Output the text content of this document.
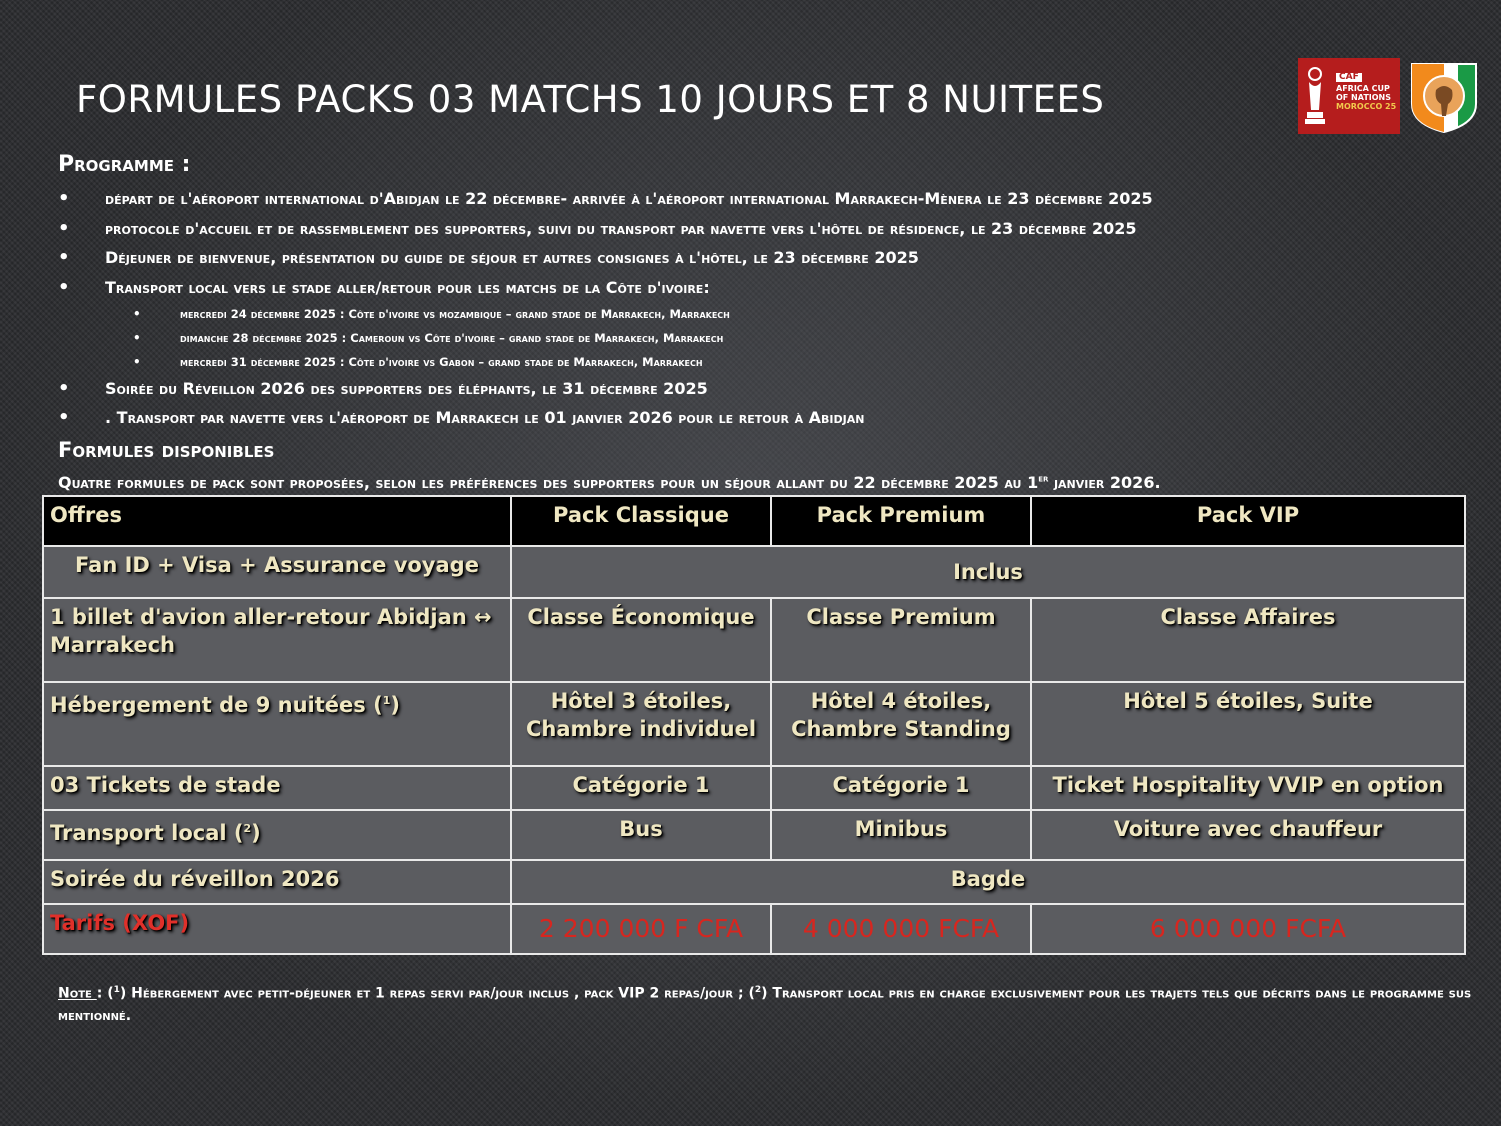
FORMULES PACKS 03 MATCHS 10 JOURS ET 8 NUITEES
CAF
AFRICA CUP
OF NATIONS
MOROCCO 25
Programme :
• départ de l'aéroport international d'Abidjan le 22 décembre- arrivée à l'aéroport international Marrakech-Mènera le 23 décembre 2025
• protocole d'accueil et de rassemblement des supporters, suivi du transport par navette vers l'hôtel de résidence, le 23 décembre 2025
• Déjeuner de bienvenue, présentation du guide de séjour et autres consignes à l'hôtel, le 23 décembre 2025
• Transport local vers le stade aller/retour pour les matchs de la Côte d'ivoire:
• mercredi 24 décembre 2025 : Côte d'ivoire vs mozambique – grand stade de Marrakech, Marrakech
• dimanche 28 décembre 2025 : Cameroun vs Côte d'ivoire – grand stade de Marrakech, Marrakech
• mercredi 31 décembre 2025 : Côte d'ivoire vs Gabon – grand stade de Marrakech, Marrakech
• Soirée du Réveillon 2026 des supporters des éléphants, le 31 décembre 2025
• . Transport par navette vers l'aéroport de Marrakech le 01 janvier 2026 pour le retour à Abidjan
Formules disponibles
Quatre formules de pack sont proposées, selon les préférences des supporters pour un séjour allant du 22 décembre 2025 au 1er janvier 2026.
Offres	Pack Classique	Pack Premium	Pack VIP
Fan ID + Visa + Assurance voyage	Inclus		
1 billet d'avion aller-retour Abidjan ↔ Marrakech	Classe Économique	Classe Premium	Classe Affaires
Hébergement de 9 nuitées ($^1$)	Hôtel 3 étoiles, Chambre individuel	Hôtel 4 étoiles, Chambre Standing	Hôtel 5 étoiles, Suite
03 Tickets de stade	Catégorie 1	Catégorie 1	Ticket Hospitality VVIP en option
Transport local ($^2$)	Bus	Minibus	Voiture avec chauffeur
Soirée du réveillon 2026	Bagde		
Tarifs (XOF)	2 200 000 F CFA	4 000 000 FCFA	6 000 000 FCFA
Note : ($^1$) Hébergement avec petit-déjeuner et 1 repas servi par/jour inclus , pack VIP 2 repas/jour ; ($^2$) Transport local pris en charge exclusivement pour les trajets tels que décrits dans le programme sus mentionné.
